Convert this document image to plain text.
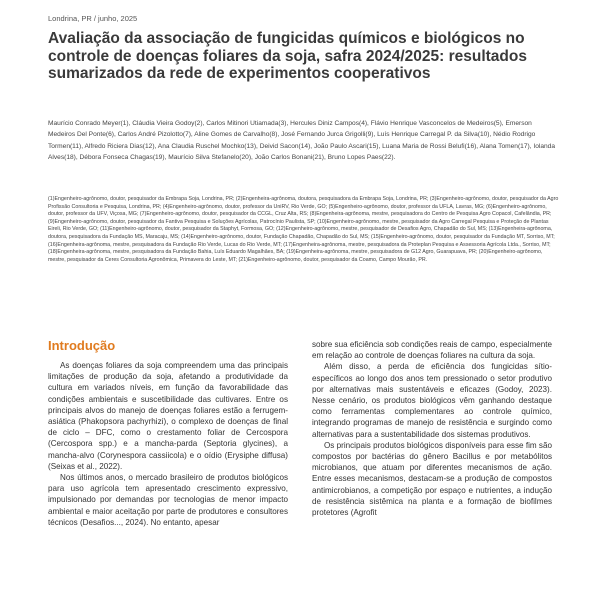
Londrina, PR / junho, 2025
Avaliação da associação de fungicidas químicos e biológicos no controle de doenças foliares da soja, safra 2024/2025: resultados sumarizados da rede de experimentos cooperativos

Maurício Conrado Meyer(1), Cláudia Vieira Godoy(2), Carlos Mitinori Utiamada(3), Hercules Diniz Campos(4), Flávio Henrique Vasconcelos de Medeiros(5), Emerson Medeiros Del Ponte(6), Carlos André Pizolotto(7), Aline Gomes de Carvalho(8), José Fernando Jurca Grigolli(9), Luís Henrique Carregal P. da Silva(10), Nédio Rodrigo Tormen(11), Alfredo Riciera Dias(12), Ana Claudia Ruschel Mochko(13), Deivid Sacon(14), João Paulo Ascari(15), Luana Maria de Rossi Belufi(16), Alana Tomen(17), Iolanda Alves(18), Débora Fonseca Chagas(19), Maurício Silva Stefanelo(20), João Carlos Bonani(21), Bruno Lopes Paes(22).

(1)Engenheiro-agrônomo, doutor, pesquisador da Embrapa Soja, Londrina, PR; (2)Engenheira-agrônoma, doutora, pesquisadora da Embrapa Soja, Londrina, PR; (3)Engenheiro-agrônomo, doutor, pesquisador da Agro Profissão Consultoria e Pesquisa, Londrina, PR; (4)Engenheiro-agrônomo, doutor, professor da UniRV, Rio Verde, GO; (5)Engenheiro-agrônomo, doutor, professor da UFLA, Lavras, MG; (6)Engenheiro-agrônomo, doutor, professor da UFV, Viçosa, MG; (7)Engenheiro-agrônomo, doutor, pesquisador da CCGL, Cruz Alta, RS; (8)Engenheira-agrônoma, mestre, pesquisadora do Centro de Pesquisa Agro Copacol, Cafelândia, PR; (9)Engenheiro-agrônomo, doutor, pesquisador da Fantiva Pesquisa e Soluções Agrícolas, Patrocínio Paulista, SP; (10)Engenheiro-agrônomo, mestre, pesquisador da Agro Carregal Pesquisa e Proteção de Plantas Eireli, Rio Verde, GO; (11)Engenheiro-agrônomo, doutor, pesquisador da Staphyt, Formosa, GO; (12)Engenheiro-agrônomo, mestre, pesquisador de Desafios Agro, Chapadão do Sul, MS; (13)Engenheira-agrônoma, doutora, pesquisadora da Fundação MS, Maracaju, MS; (14)Engenheiro-agrônomo, doutor, Fundação Chapadão, Chapadão do Sul, MS; (15)Engenheiro-agrônomo, doutor, pesquisador da Fundação MT, Sorriso, MT; (16)Engenheira-agrônoma, mestre, pesquisadora da Fundação Rio Verde, Lucas do Rio Verde, MT; (17)Engenheira-agrônoma, mestre, pesquisadora da Proteplan Pesquisa e Assessoria Agrícola Ltda., Sorriso, MT; (18)Engenheira-agrônoma, mestre, pesquisadora da Fundação Bahia, Luís Eduardo Magalhães, BA; (19)Engenheira-agrônoma, mestre, pesquisadora de G12 Agro, Guarapuava, PR; (20)Engenheiro-agrônomo, mestre, pesquisador da Ceres Consultoria Agronômica, Primavera do Leste, MT; (21)Engenheiro-agrônomo, doutor, pesquisador da Coamo, Campo Mourão, PR.

Introdução

As doenças foliares da soja compreendem uma das principais limitações de produção da soja, afetando a produtividade da cultura em variados níveis, em função da favorabilidade das condições ambientais e suscetibilidade das cultivares. Entre os principais alvos do manejo de doenças foliares estão a ferrugem-asiática (Phakopsora pachyrhizi), o complexo de doenças de final de ciclo – DFC, como o crestamento foliar de Cercospora (Cercospora spp.) e a mancha-parda (Septoria glycines), a mancha-alvo (Corynespora cassiicola) e o oídio (Erysiphe diffusa) (Seixas et al., 2022).

Nos últimos anos, o mercado brasileiro de produtos biológicos para uso agrícola tem apresentado crescimento expressivo, impulsionado por demandas por tecnologias de menor impacto ambiental e maior aceitação por parte de produtores e consultores técnicos (Desafios..., 2024). No entanto, apesar

sobre sua eficiência sob condições reais de campo, especialmente em relação ao controle de doenças foliares na cultura da soja.

Além disso, a perda de eficiência dos fungicidas sítio-específicos ao longo dos anos tem pressionado o setor produtivo por alternativas mais sustentáveis e eficazes (Godoy, 2023). Nesse cenário, os produtos biológicos vêm ganhando destaque como ferramentas complementares ao controle químico, integrando programas de manejo de resistência e surgindo como alternativas para a sustentabilidade dos sistemas produtivos.

Os principais produtos biológicos disponíveis para esse fim são compostos por bactérias do gênero Bacillus e por metabólitos microbianos, que atuam por diferentes mecanismos de ação. Entre esses mecanismos, destacam-se a produção de compostos antimicrobianos, a competição por espaço e nutrientes, a indução de resistência sistêmica na planta e a formação de biofilmes protetores (Agrofit
